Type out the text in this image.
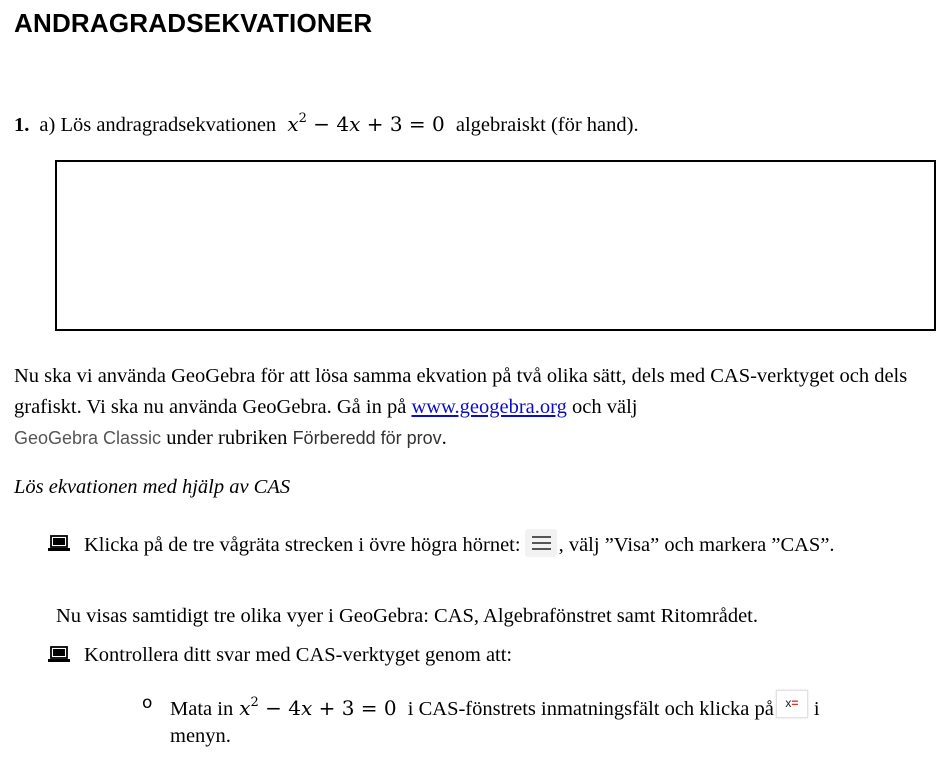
ANDRAGRADSEKVATIONER
1. a) Lös andragradsekvationen $x^2 - 4x + 3 = 0$ algebraiskt (för hand).
Nu ska vi använda GeoGebra för att lösa samma ekvation på två olika sätt, dels med CAS-verktyget och dels grafiskt. Vi ska nu använda GeoGebra. Gå in på www.geogebra.org och välj
GeoGebra Classic under rubriken Förberedd för prov.
Lös ekvationen med hjälp av CAS
Klicka på de tre vågräta strecken i övre högra hörnet: , välj ”Visa” och markera ”CAS”.
Nu visas samtidigt tre olika vyer i GeoGebra: CAS, Algebrafönstret samt Ritområdet.
Kontrollera ditt svar med CAS-verktyget genom att:
o Mata in $x^2 - 4x + 3 = 0$ i CAS-fönstrets inmatningsfält och klicka på x= i menyn.
